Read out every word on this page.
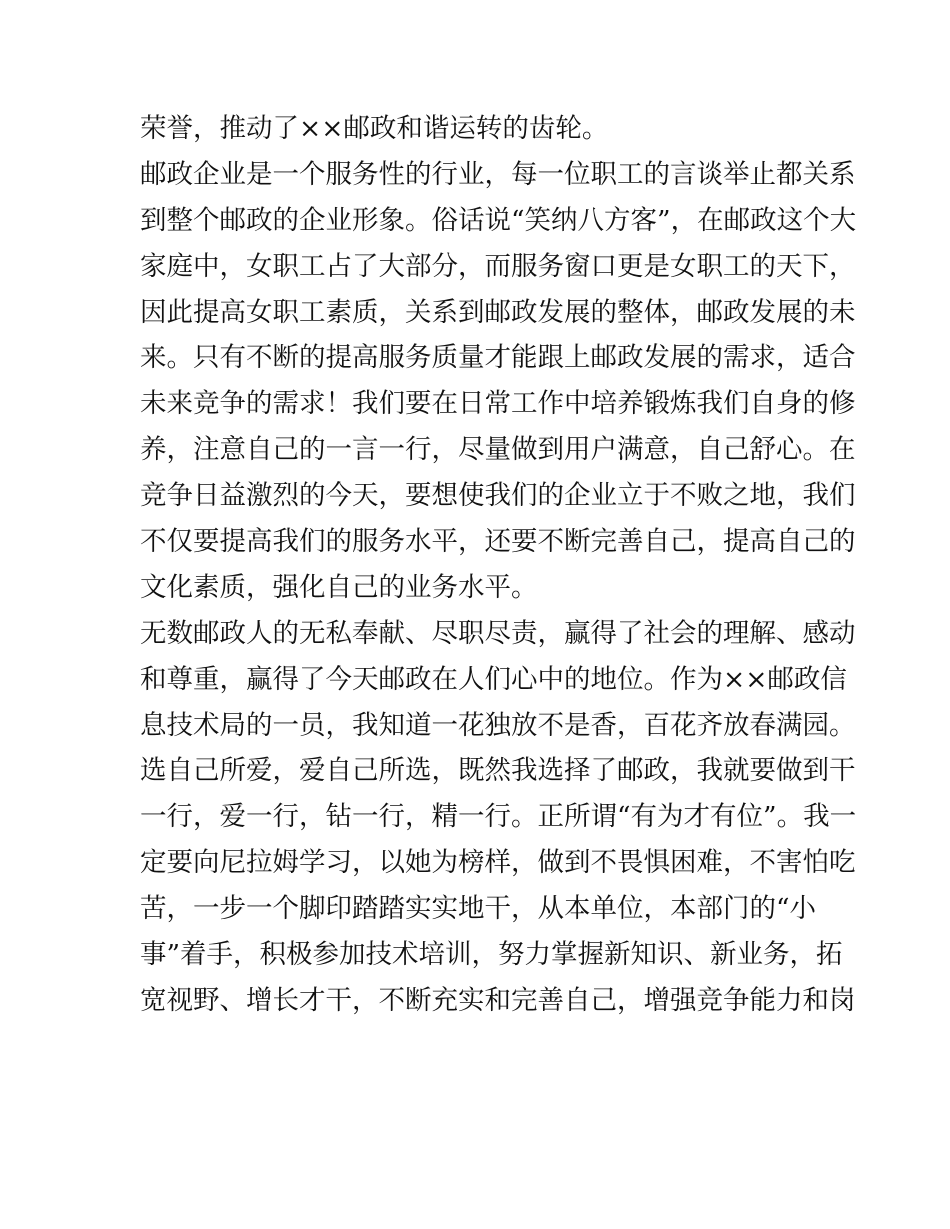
荣誉，推动了××邮政和谐运转的齿轮。
邮政企业是一个服务性的行业，每一位职工的言谈举止都关系
到整个邮政的企业形象。俗话说“笑纳八方客”，在邮政这个大
家庭中，女职工占了大部分，而服务窗口更是女职工的天下，
因此提高女职工素质，关系到邮政发展的整体，邮政发展的未
来。只有不断的提高服务质量才能跟上邮政发展的需求，适合
未来竞争的需求！我们要在日常工作中培养锻炼我们自身的修
养，注意自己的一言一行，尽量做到用户满意，自己舒心。在
竞争日益激烈的今天，要想使我们的企业立于不败之地，我们
不仅要提高我们的服务水平，还要不断完善自己，提高自己的
文化素质，强化自己的业务水平。
无数邮政人的无私奉献、尽职尽责，赢得了社会的理解、感动
和尊重，赢得了今天邮政在人们心中的地位。作为××邮政信
息技术局的一员，我知道一花独放不是香，百花齐放春满园。
选自己所爱，爱自己所选，既然我选择了邮政，我就要做到干
一行，爱一行，钻一行，精一行。正所谓“有为才有位”。我一
定要向尼拉姆学习，以她为榜样，做到不畏惧困难，不害怕吃
苦，一步一个脚印踏踏实实地干，从本单位，本部门的“小
事”着手，积极参加技术培训，努力掌握新知识、新业务，拓
宽视野、增长才干，不断充实和完善自己，增强竞争能力和岗
